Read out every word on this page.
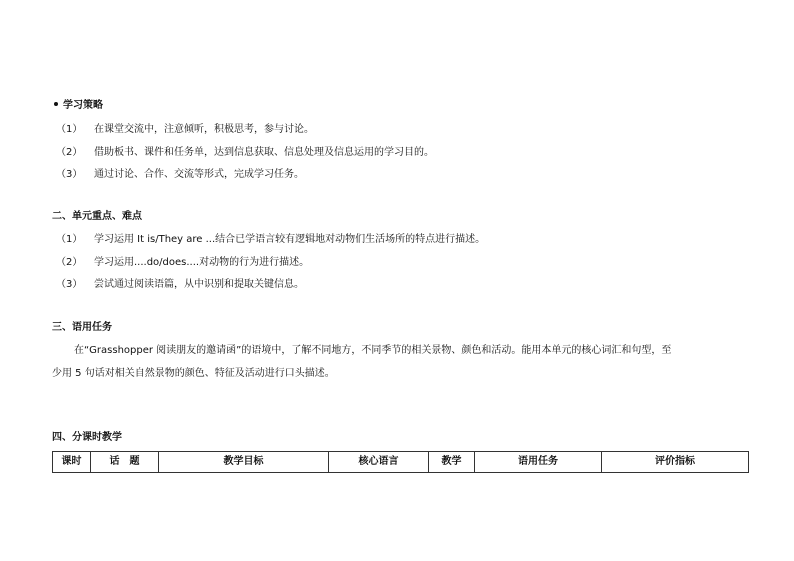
学习策略
（1） 在课堂交流中，注意倾听，积极思考，参与讨论。
（2） 借助板书、课件和任务单，达到信息获取、信息处理及信息运用的学习目的。
（3） 通过讨论、合作、交流等形式，完成学习任务。
二、单元重点、难点
（1） 学习运用 It is/They are ...结合已学语言较有逻辑地对动物们生活场所的特点进行描述。
（2） 学习运用....do/does....对动物的行为进行描述。
（3） 尝试通过阅读语篇，从中识别和提取关键信息。
三、语用任务
在“Grasshopper 阅读朋友的邀请函”的语境中，了解不同地方，不同季节的相关景物、颜色和活动。能用本单元的核心词汇和句型，至
少用 5 句话对相关自然景物的颜色、特征及活动进行口头描述。
四、分课时教学
课时	话　题	教学目标	核心语言	教学	语用任务	评价指标
